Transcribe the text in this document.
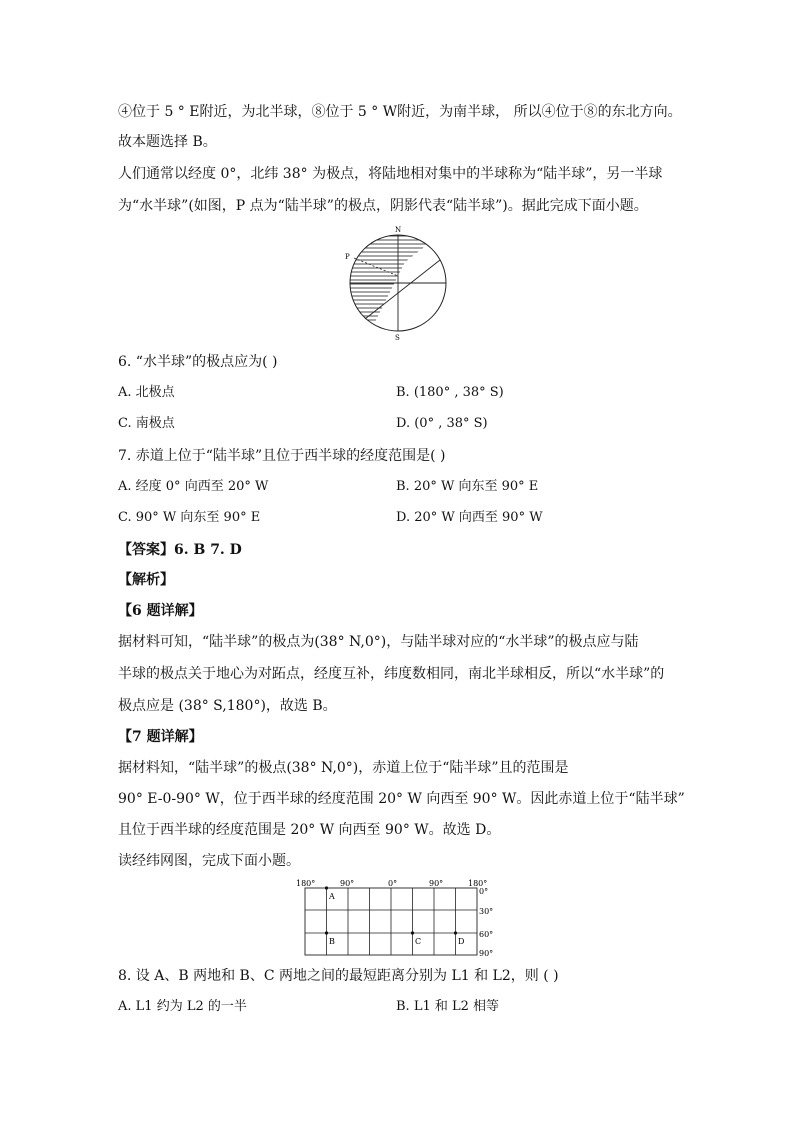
④位于 5 ° E附近，为北半球，⑧位于 5 ° W附近，为南半球， 所以④位于⑧的东北方向。
故本题选择 B。
人们通常以经度 0°，北纬 38° 为极点，将陆地相对集中的半球称为“陆半球”，另一半球
为“水半球”(如图，P 点为“陆半球”的极点，阴影代表“陆半球”)。据此完成下面小题。
N
S
P
6. “水半球”的极点应为( )
A. 北极点	B. (180° , 38° S)
C. 南极点	D. (0° , 38° S)
7. 赤道上位于“陆半球”且位于西半球的经度范围是( )
A. 经度 0° 向西至 20° W	B. 20° W 向东至 90° E
C. 90° W 向东至 90° E	D. 20° W 向西至 90° W
【答案】6. B 7. D
【解析】
【6 题详解】
据材料可知，“陆半球”的极点为(38° N,0°)，与陆半球对应的“水半球”的极点应与陆
半球的极点关于地心为对跖点，经度互补，纬度数相同，南北半球相反，所以“水半球”的
极点应是 (38° S,180°)，故选 B。
【7 题详解】
据材料知，“陆半球”的极点(38° N,0°)，赤道上位于“陆半球”且的范围是
90° E-0-90° W，位于西半球的经度范围 20° W 向西至 90° W。因此赤道上位于“陆半球”
且位于西半球的经度范围是 20° W 向西至 90° W。故选 D。
读经纬网图，完成下面小题。
180°	90°	0°	90°	180°
A
B	C	D
0°
30°
60°
90°
8. 设 A、B 两地和 B、C 两地之间的最短距离分别为 L1 和 L2，则 ( )
A. L1 约为 L2 的一半	B. L1 和 L2 相等
